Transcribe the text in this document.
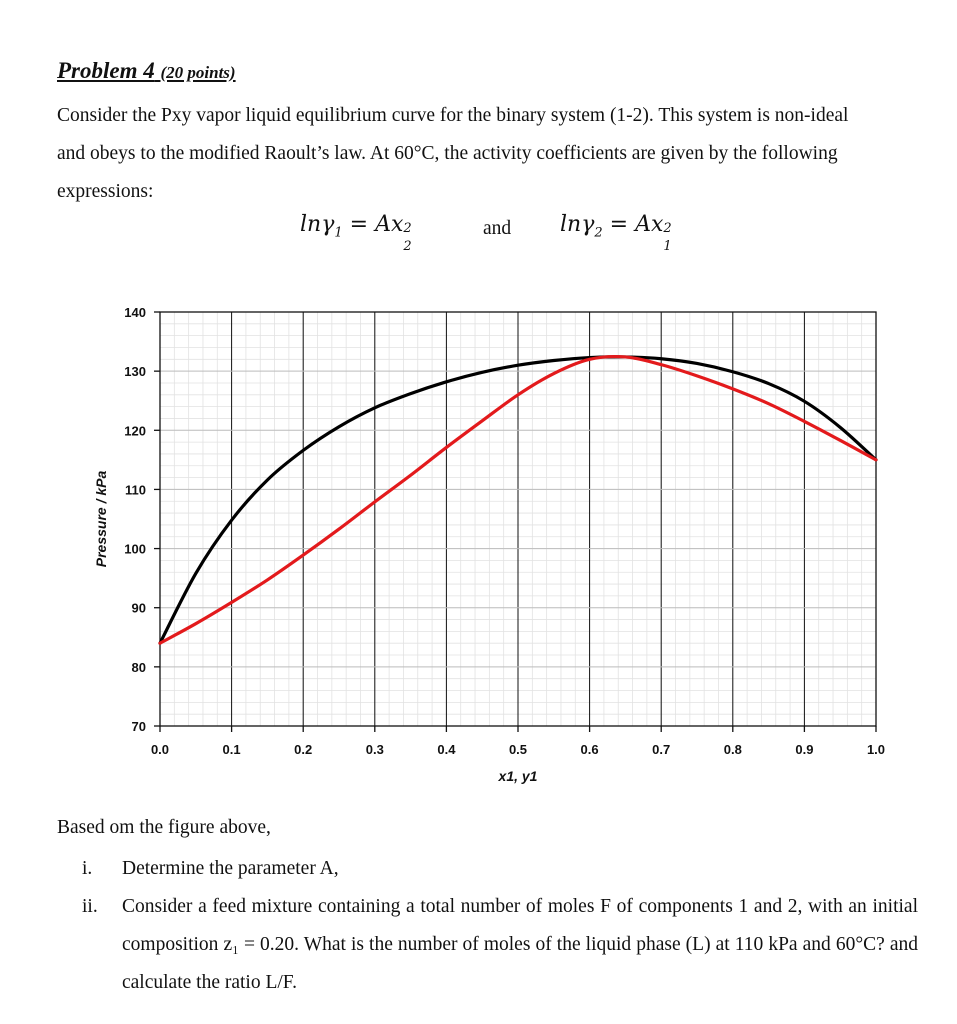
Problem 4 (20 points)
Consider the Pxy vapor liquid equilibrium curve for the binary system (1-2). This system is non-ideal
and obeys to the modified Raoult’s law. At 60°C, the activity coefficients are given by the following
expressions:
lnγ$_1$ = Ax 2
2
and lnγ$_2$ = Ax 2
1
0.0	0.1	0.2	0.3	0.4	0.5	0.6	0.7	0.8	0.9	1.0
70
80
90
100
110
120
130
140
x1, y1
Pressure / kPa
Based om the figure above,
i.	Determine the parameter A,
ii.	Consider a feed mixture containing a total number of moles F of components 1 and 2, with an initial composition z₁ = 0.20. What is the number of moles of the liquid phase (L) at 110 kPa and 60°C? and calculate the ratio L/F.
